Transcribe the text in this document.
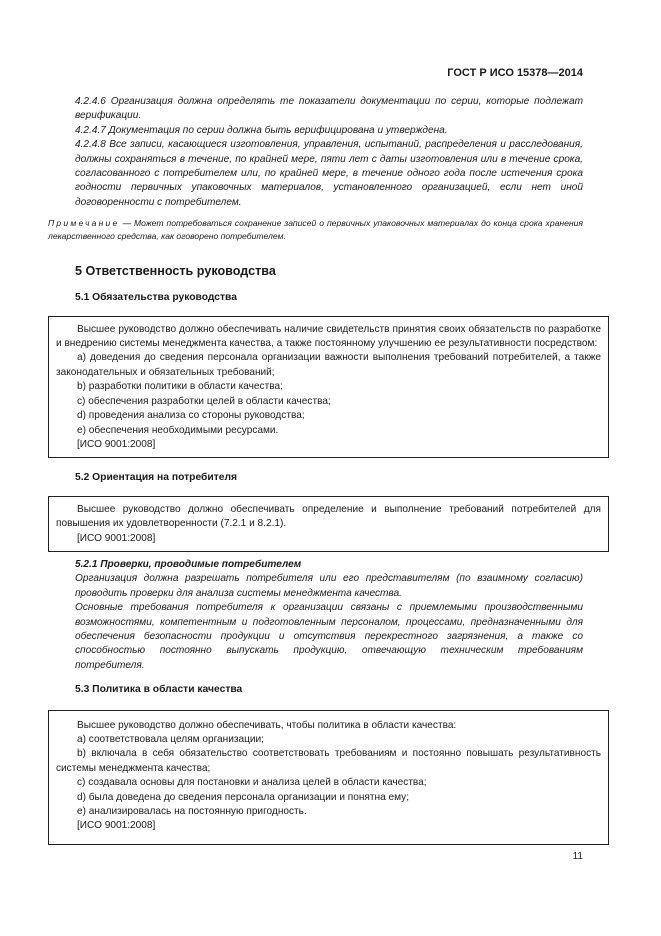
ГОСТ Р ИСО 15378—2014

4.2.4.6 Организация должна определять те показатели документации по серии, которые подлежат верификации.

4.2.4.7 Документация по серии должна быть верифицирована и утверждена.

4.2.4.8 Все записи, касающиеся изготовления, управления, испытаний, распределения и расследования, должны сохраняться в течение, по крайней мере, пяти лет с даты изготовления или в течение срока, согласованного с потребителем или, по крайней мере, в течение одного года после истечения срока годности первичных упаковочных материалов, установленного организацией, если нет иной договоренности с потребителем.

Примечание — Может потребоваться сохранение записей о первичных упаковочных материалах до конца срока хранения лекарственного средства, как оговорено потребителем.

5 Ответственность руководства
5.1 Обязательства руководства

Высшее руководство должно обеспечивать наличие свидетельств принятия своих обязательств по разработке и внедрению системы менеджмента качества, а также постоянному улучшению ее результативности посредством:

a) доведения до сведения персонала организации важности выполнения требований потребителей, а также законодательных и обязательных требований;

b) разработки политики в области качества;

c) обеспечения разработки целей в области качества;

d) проведения анализа со стороны руководства;

e) обеспечения необходимыми ресурсами.

[ИСО 9001:2008]

5.2 Ориентация на потребителя

Высшее руководство должно обеспечивать определение и выполнение требований потребителей для повышения их удовлетворенности (7.2.1 и 8.2.1).

[ИСО 9001:2008]

5.2.1 Проверки, проводимые потребителем

Организация должна разрешать потребителя или его представителям (по взаимному согласию) проводить проверки для анализа системы менеджмента качества.

Основные требования потребителя к организации связаны с приемлемыми производственными возможностями, компетентным и подготовленным персоналом, процессами, предназначенными для обеспечения безопасности продукции и отсутствия перекрестного загрязнения, а также со способностью постоянно выпускать продукцию, отвечающую техническим требованиям потребителя.

5.3 Политика в области качества

Высшее руководство должно обеспечивать, чтобы политика в области качества:

a) соответствовала целям организации;

b) включала в себя обязательство соответствовать требованиям и постоянно повышать результативность системы менеджмента качества;

c) создавала основы для постановки и анализа целей в области качества;

d) была доведена до сведения персонала организации и понятна ему;

e) анализировалась на постоянную пригодность.

[ИСО 9001:2008]

11
